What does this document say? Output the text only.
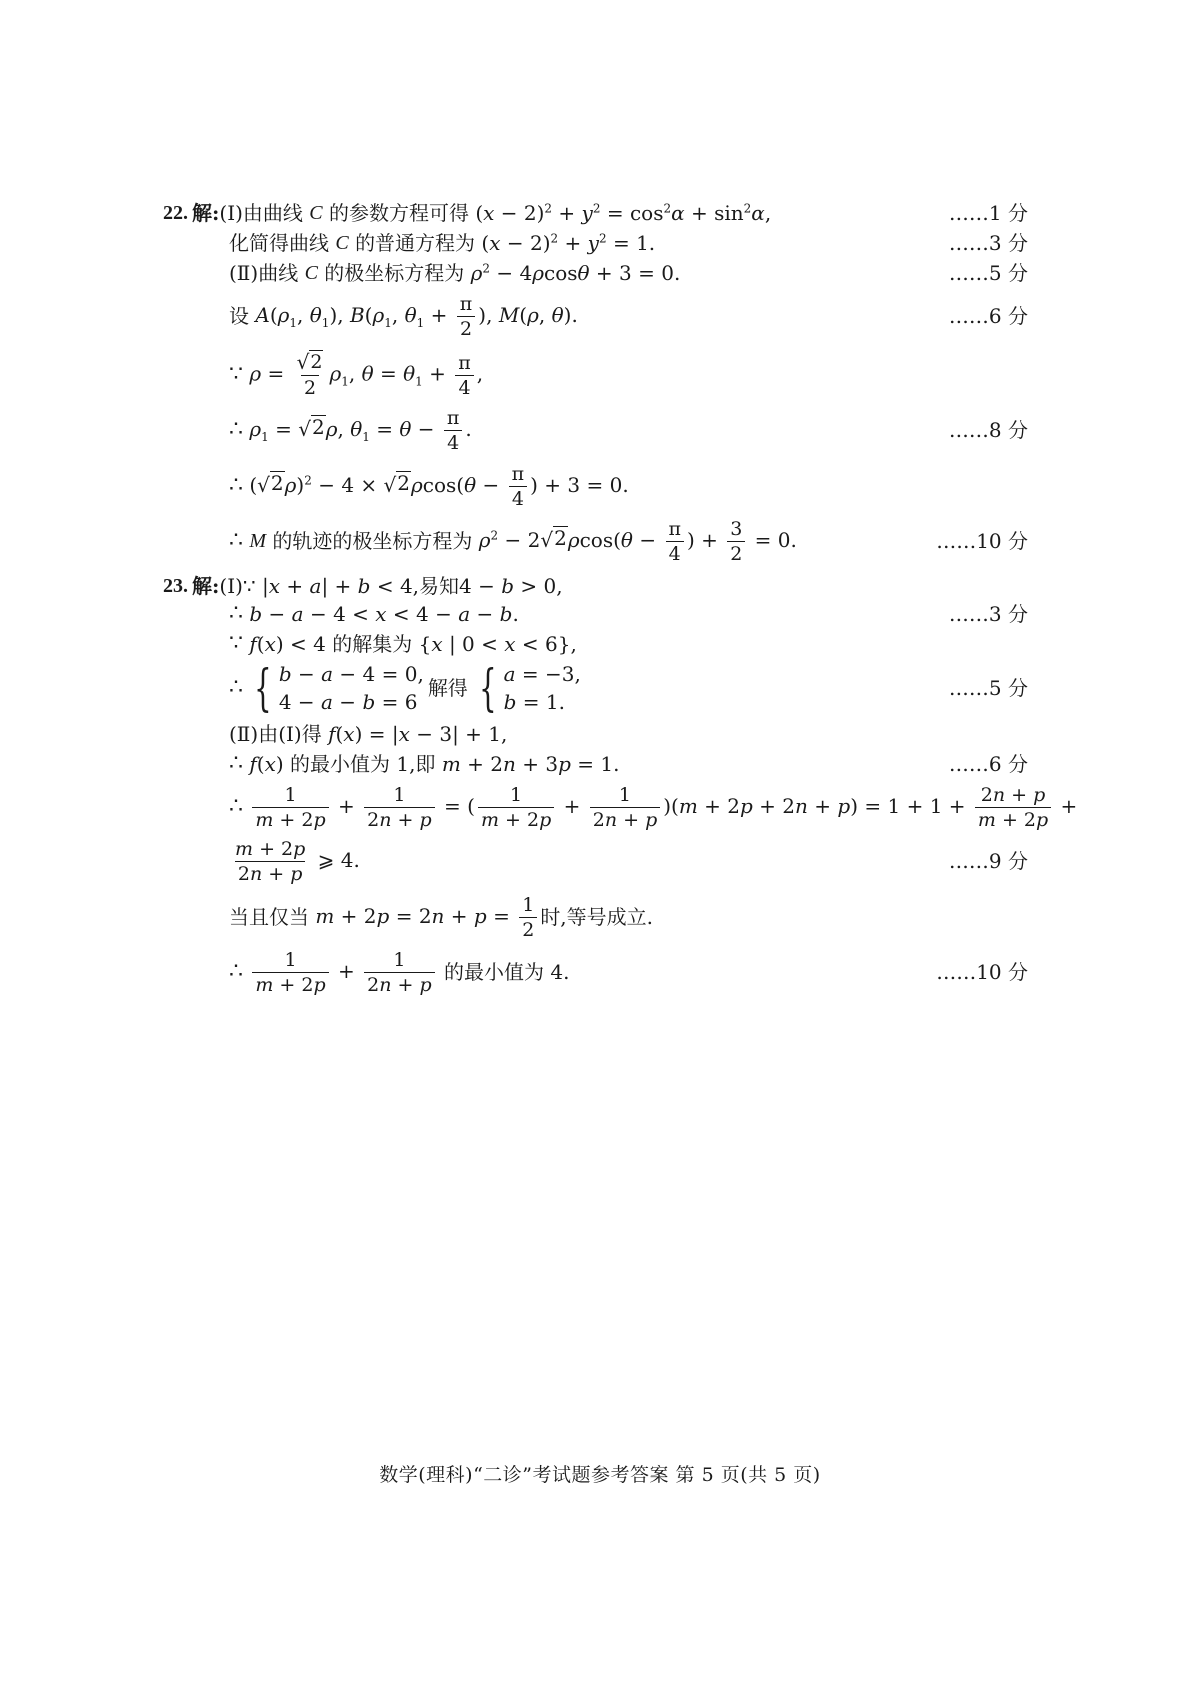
22. 解: (Ⅰ)由曲线
C
的参数方程可得 $(x - 2)^2 + y^2 = \cos^2\alpha + \sin^2\alpha$,	……1 分
化简得曲线
C
的普通方程为 $(x - 2)^2 + y^2 = 1$.	……3 分
(Ⅱ)曲线
C
的极坐标方程为 $\rho^2 - 4\rho\cos\theta + 3 = 0$.	……5 分
设 $A(\rho_1$, $\theta_1$), $B(\rho_1$, $\theta_1 + \frac{\pi}{2}$ ), M(ρ, θ).	……6 分
∵ $\rho = \frac{√ 2}{2} \rho_1$, $\theta = \theta_1 + \frac{\pi}{4}$ ,
∴ $\rho_1$ = √ 2 ρ, $\theta_1 = \theta - \frac{\pi}{4}$ .	……8 分
∴ ( √ 2 ρ)$^2$ − 4 × √ 2 $\rho\cos(\theta - \frac{\pi}{4}$ ) + 3 = 0.
∴
M
的轨迹的极坐标方程为 $\rho^2 - 2$ √ 2 $\rho\cos(\theta - \frac{\pi}{4}$ ) + $\frac{3}{2} = 0$.	……10 分
23. 解: (Ⅰ)∵ |x + a| + b < 4 ,易知 4 − b > 0,
∴ b − a − 4 < x < 4 − a − b.	……3 分
∵ f(x) < 4 的解集为 {x | 0 < x < 6},
∴ { b − a − 4 = 0,
4 − a − b = 6
解得 { a = −3,
b = 1.
……5 分
(Ⅱ)由(Ⅰ)得 f(x) = |x − 3| + 1,
∴ f(x) 的最小值为 1,即 m + 2n + 3p = 1.	……6 分
∴
$\frac{1}{m + 2p} + \frac{1}{2n + p}$ = ( $\frac{1}{m + 2p} + \frac{1}{2n + p} )(m + 2p + 2n + p) = 1 + 1 + \frac{2n + p}{m + 2p}$ +
$\frac{m + 2p}{2n + p}$ ⩾ 4.	……9 分
当且仅当 $m + 2p = 2n + p = \frac{1}{2}$ 时,等号成立.
∴
$\frac{1}{m + 2p} + \frac{1}{2n + p}$
的最小值为 4.	……10 分
数学(理科)“二诊”考试题参考答案 第 5 页(共 5 页)
